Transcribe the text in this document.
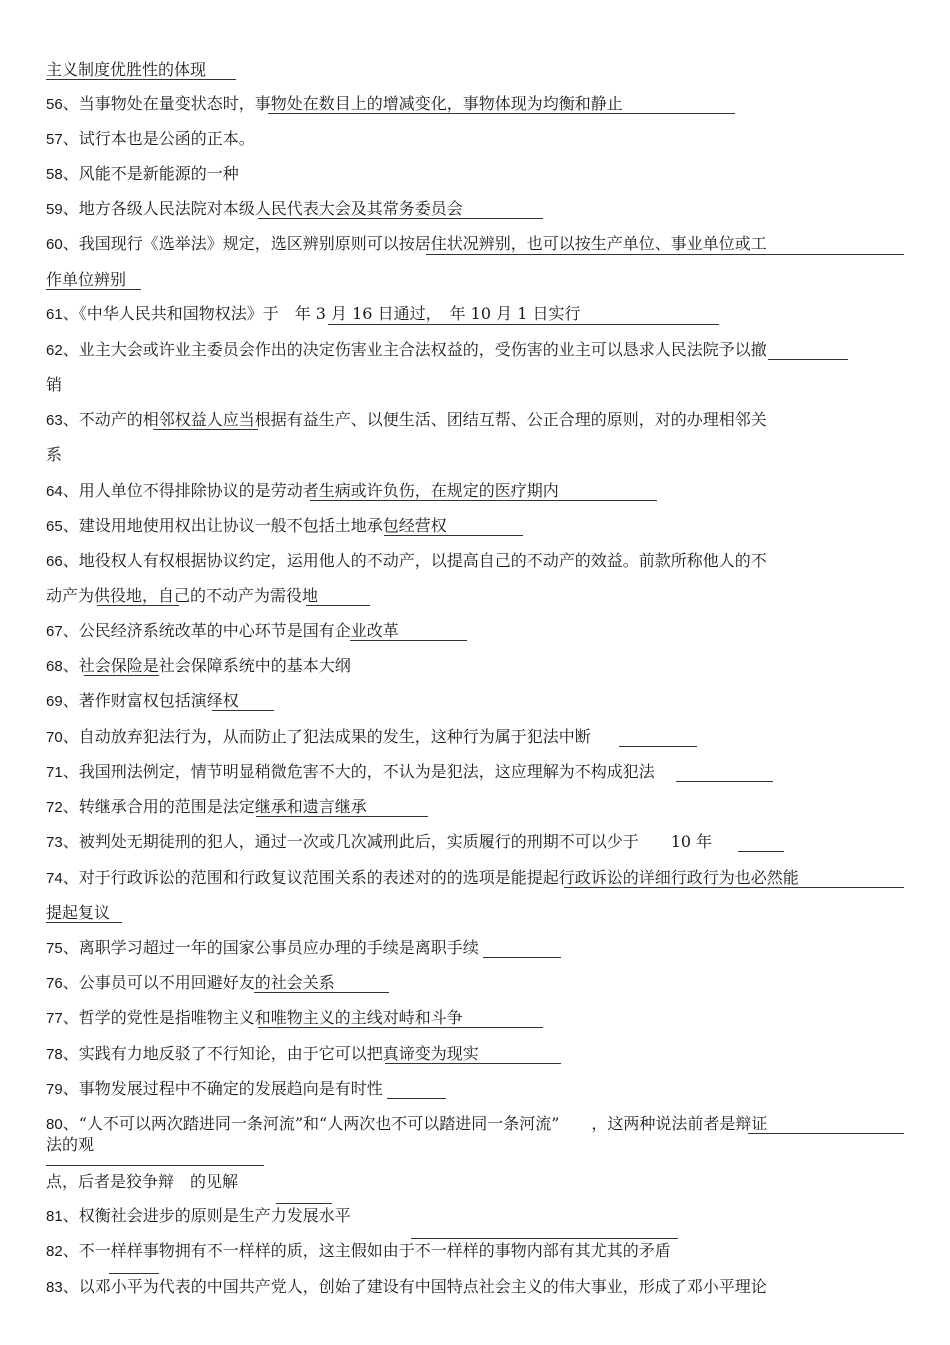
主义制度优胜性的体现
56、当事物处在量变状态时，事物处在数目上的增减变化，事物体现为均衡和静止
57、试行本也是公函的正本。
58、风能不是新能源的一种
59、地方各级人民法院对本级人民代表大会及其常务委员会
60、我国现行《选举法》规定，选区辨别原则可以按居住状况辨别，也可以按生产单位、事业单位或工
作单位辨别
61、《中华人民共和国物权法》于　年 3 月 16 日通过，　年 10 月 1 日实行
62、业主大会或许业主委员会作出的决定伤害业主合法权益的，受伤害的业主可以恳求人民法院予以撤
销
63、不动产的相邻权益人应当根据有益生产、以便生活、团结互帮、公正合理的原则，对的办理相邻关
系
64、用人单位不得排除协议的是劳动者生病或许负伤，在规定的医疗期内
65、建设用地使用权出让协议一般不包括土地承包经营权
66、地役权人有权根据协议约定，运用他人的不动产，以提高自己的不动产的效益。前款所称他人的不
动产为供役地，自己的不动产为需役地
67、公民经济系统改革的中心环节是国有企业改革
68、社会保险是社会保障系统中的基本大纲
69、著作财富权包括演绎权
70、自动放弃犯法行为，从而防止了犯法成果的发生，这种行为属于犯法中断
71、我国刑法例定，情节明显稍微危害不大的，不认为是犯法，这应理解为不构成犯法
72、转继承合用的范围是法定继承和遗言继承
73、被判处无期徒刑的犯人，通过一次或几次减刑此后，实质履行的刑期不可以少于　　10 年
74、对于行政诉讼的范围和行政复议范围关系的表述对的的选项是能提起行政诉讼的详细行政行为也必然能
提起复议
75、离职学习超过一年的国家公事员应办理的手续是离职手续
76、公事员可以不用回避好友的社会关系
77、哲学的党性是指唯物主义和唯物主义的主线对峙和斗争
78、实践有力地反驳了不行知论，由于它可以把真谛变为现实
79、事物发展过程中不确定的发展趋向是有时性
80、“人不可以两次踏进同一条河流”和“人两次也不可以踏进同一条河流”　　，这两种说法前者是辩证
法的观
点，后者是狡争辩　的见解
81、权衡社会进步的原则是生产力发展水平
82、不一样样事物拥有不一样样的质，这主假如由于不一样样的事物内部有其尤其的矛盾
83、以邓小平为代表的中国共产党人，创始了建设有中国特点社会主义的伟大事业，形成了邓小平理论
